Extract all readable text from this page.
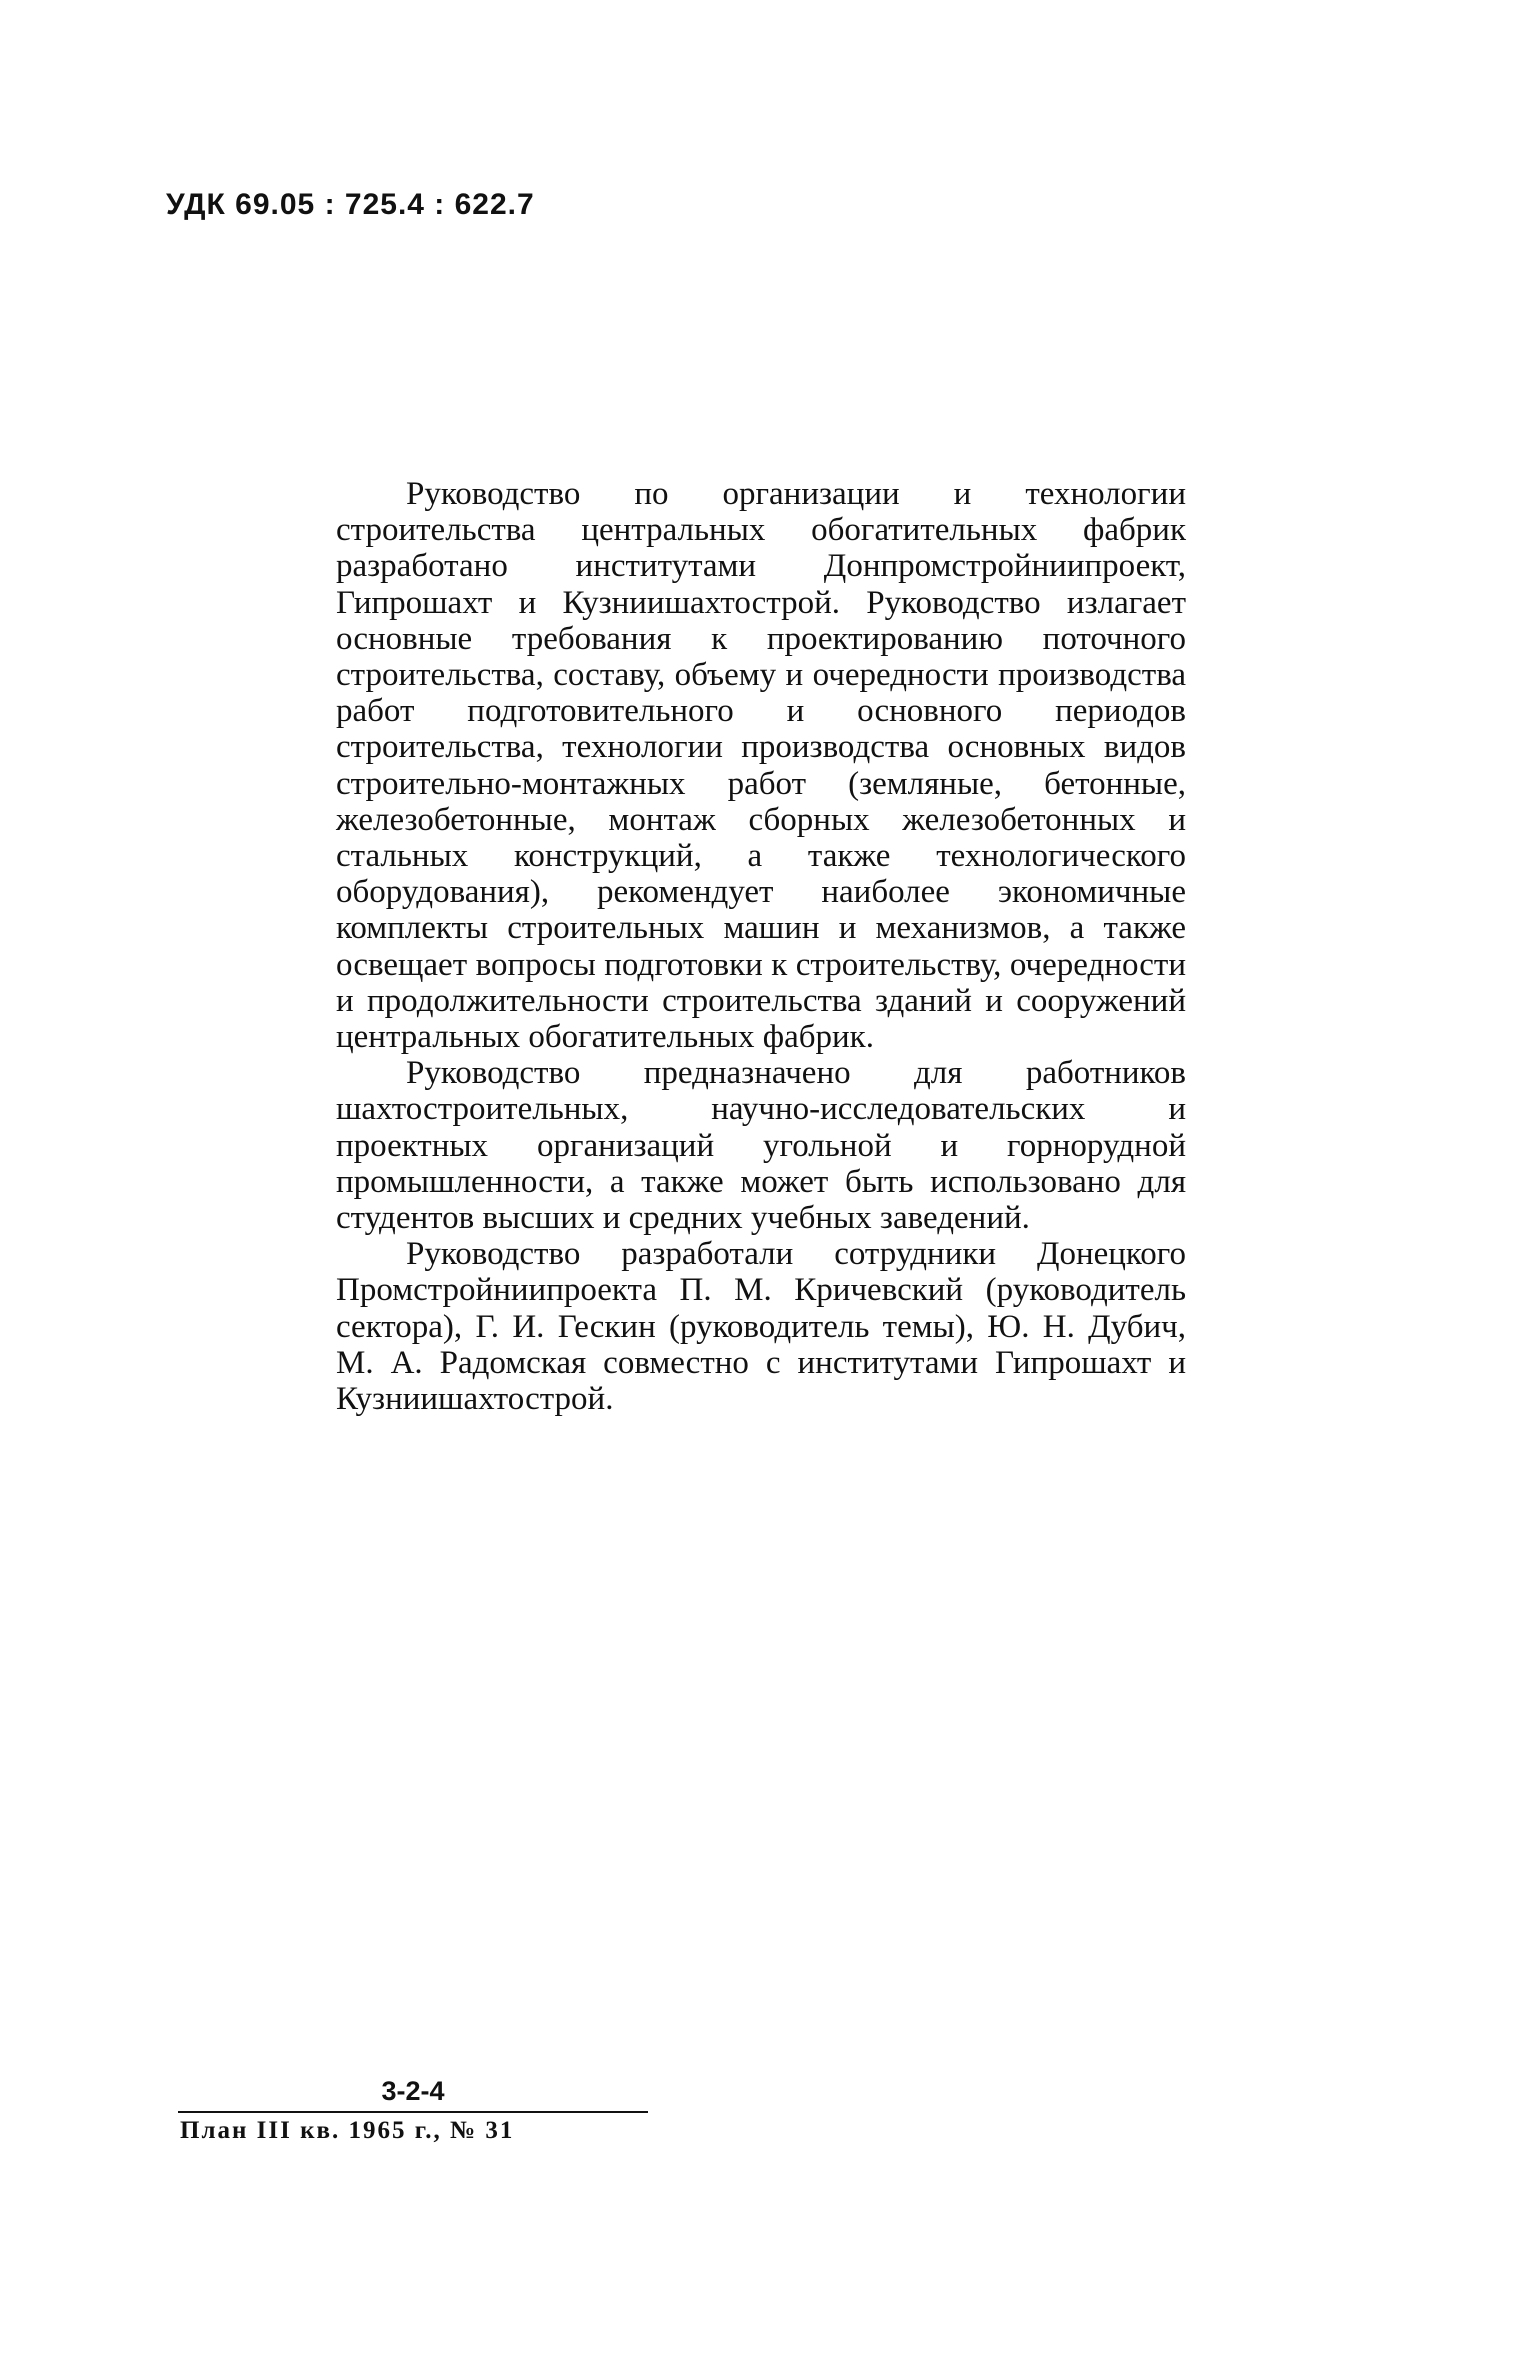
УДК 69.05 : 725.4 : 622.7

Руководство по организации и технологии строительства центральных обогатительных фабрик разработано институтами Донпромстройниипроект, Гипрошахт и Кузниишахтострой. Руководство излагает основные требования к проектированию поточного строительства, составу, объему и очередности производства работ подготовительного и основного периодов строительства, технологии производства основных видов строительно-монтажных работ (земляные, бетонные, железобетонные, монтаж сборных железобетонных и стальных конструкций, а также технологического оборудования), рекомендует наиболее экономичные комплекты строительных машин и механизмов, а также освещает вопросы подготовки к строительству, очередности и продолжительности строительства зданий и сооружений центральных обогатительных фабрик.

Руководство предназначено для работников шахтостроительных, научно-исследовательских и проектных организаций угольной и горнорудной промышленности, а также может быть использовано для студентов высших и средних учебных заведений.

Руководство разработали сотрудники Донецкого Промстройниипроекта П. М. Кричевский (руководитель сектора), Г. И. Гескин (руководитель темы), Ю. Н. Дубич, М. А. Радомская совместно с институтами Гипрошахт и Кузниишахтострой.

3-2-4
План III кв. 1965 г., № 31
